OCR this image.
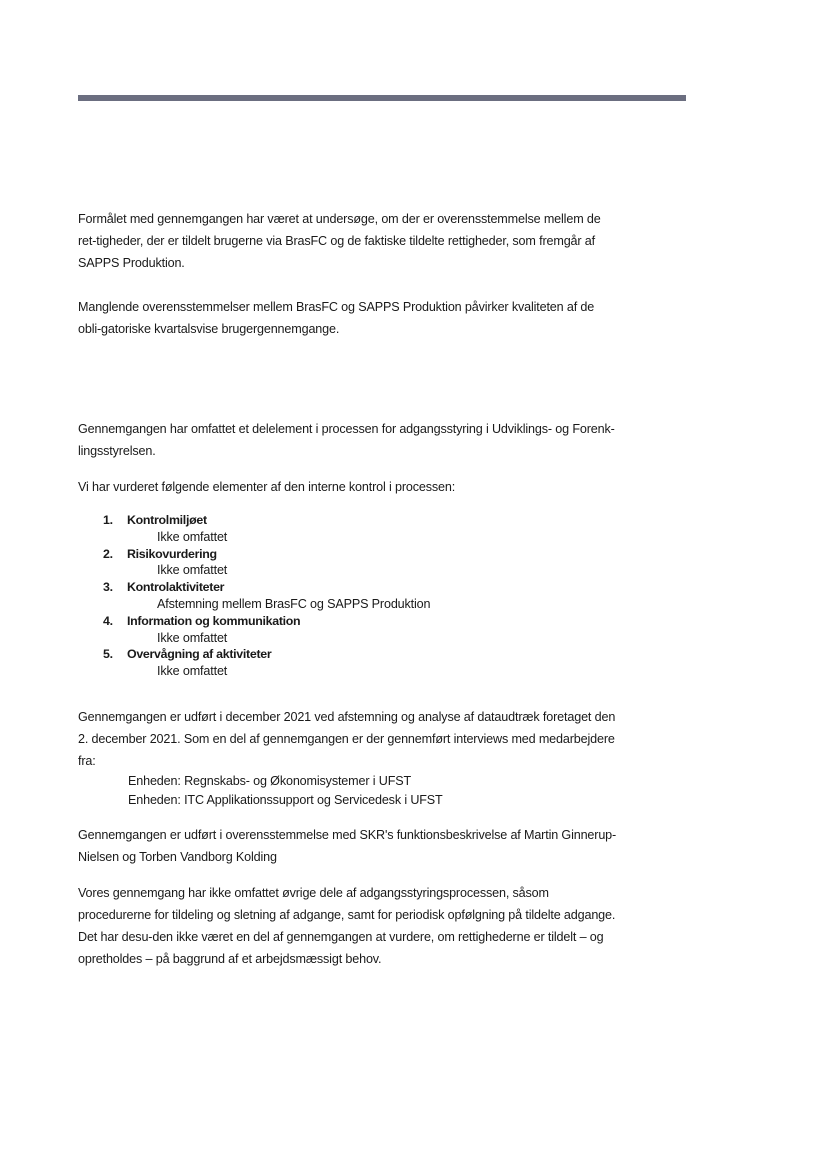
Formålet med gennemgangen har været at undersøge, om der er overensstemmelse mellem de ret-tigheder, der er tildelt brugerne via BrasFC og de faktiske tildelte rettigheder, som fremgår af SAPPS Produktion.

Manglende overensstemmelser mellem BrasFC og SAPPS Produktion påvirker kvaliteten af de obli-gatoriske kvartalsvise brugergennemgange.

Gennemgangen har omfattet et delelement i processen for adgangsstyring i Udviklings- og Forenk-lingsstyrelsen.

Vi har vurderet følgende elementer af den interne kontrol i processen:

1.	Kontrolmiljøet
Ikke omfattet
2.	Risikovurdering
Ikke omfattet
3.	Kontrolaktiviteter
Afstemning mellem BrasFC og SAPPS Produktion
4.	Information og kommunikation
Ikke omfattet
5.	Overvågning af aktiviteter
Ikke omfattet

Gennemgangen er udført i december 2021 ved afstemning og analyse af dataudtræk foretaget den 2. december 2021. Som en del af gennemgangen er der gennemført interviews med medarbejdere fra:

Enheden: Regnskabs- og Økonomisystemer i UFST
Enheden: ITC Applikationssupport og Servicedesk i UFST

Gennemgangen er udført i overensstemmelse med SKR's funktionsbeskrivelse af Martin Ginnerup-Nielsen og Torben Vandborg Kolding

Vores gennemgang har ikke omfattet øvrige dele af adgangsstyringsprocessen, såsom procedurerne for tildeling og sletning af adgange, samt for periodisk opfølgning på tildelte adgange. Det har desu-den ikke været en del af gennemgangen at vurdere, om rettighederne er tildelt – og opretholdes – på baggrund af et arbejdsmæssigt behov.
